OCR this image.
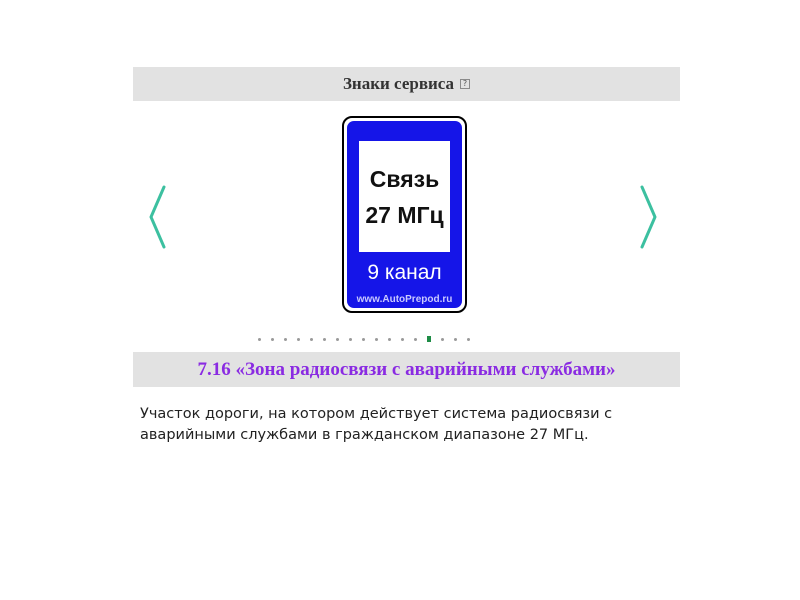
Знаки сервиса	?
Связь
27 МГц
9 канал
www.AutoPrepod.ru
7.16 «Зона радиосвязи с аварийными службами»
Участок дороги, на котором действует система радиосвязи с аварийными службами в гражданском диапазоне 27 МГц.
